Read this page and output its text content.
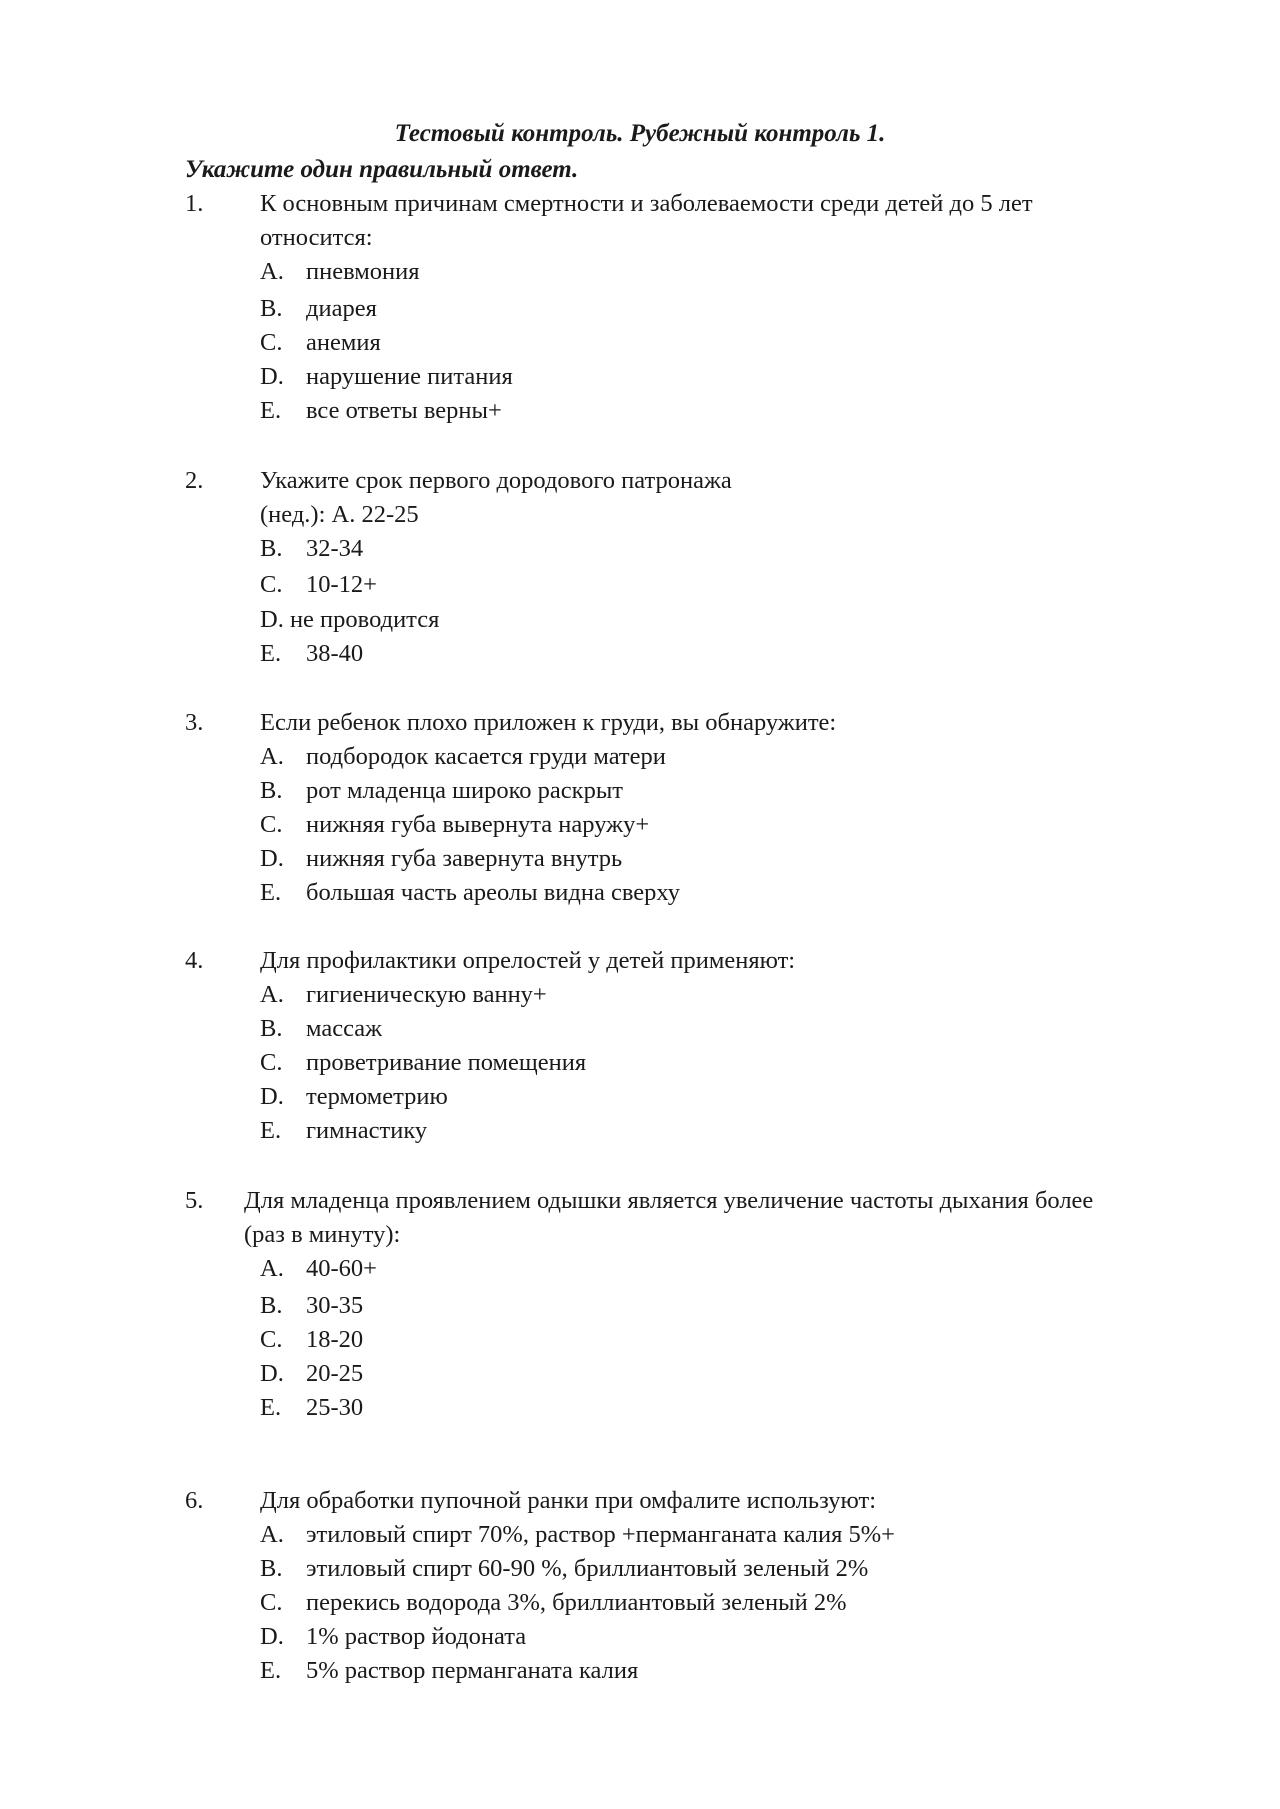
Тестовый контроль. Рубежный контроль 1.
Укажите один правильный ответ.
1. К основным причинам смертности и заболеваемости среди детей до 5 лет
относится:
A. пневмония
B. диарея
C. анемия
D. нарушение питания
E. все ответы верны+
2. Укажите срок первого дородового патронажа
(нед.): А. 22-25
B. 32-34
C. 10-12+
D. не проводится
E. 38-40
3. Если ребенок плохо приложен к груди, вы обнаружите:
A. подбородок касается груди матери
B. рот младенца широко раскрыт
C. нижняя губа вывернута наружу+
D. нижняя губа завернута внутрь
E. большая часть ареолы видна сверху
4. Для профилактики опрелостей у детей применяют:
A. гигиеническую ванну+
B. массаж
C. проветривание помещения
D. термометрию
E. гимнастику
5. Для младенца проявлением одышки является увеличение частоты дыхания более
(раз в минуту):
A. 40-60+
B. 30-35
C. 18-20
D. 20-25
E. 25-30
6. Для обработки пупочной ранки при омфалите используют:
A. этиловый спирт 70%, раствор +перманганата калия 5%+
B. этиловый спирт 60-90 %, бриллиантовый зеленый 2%
C. перекись водорода 3%, бриллиантовый зеленый 2%
D. 1% раствор йодоната
E. 5% раствор перманганата калия
